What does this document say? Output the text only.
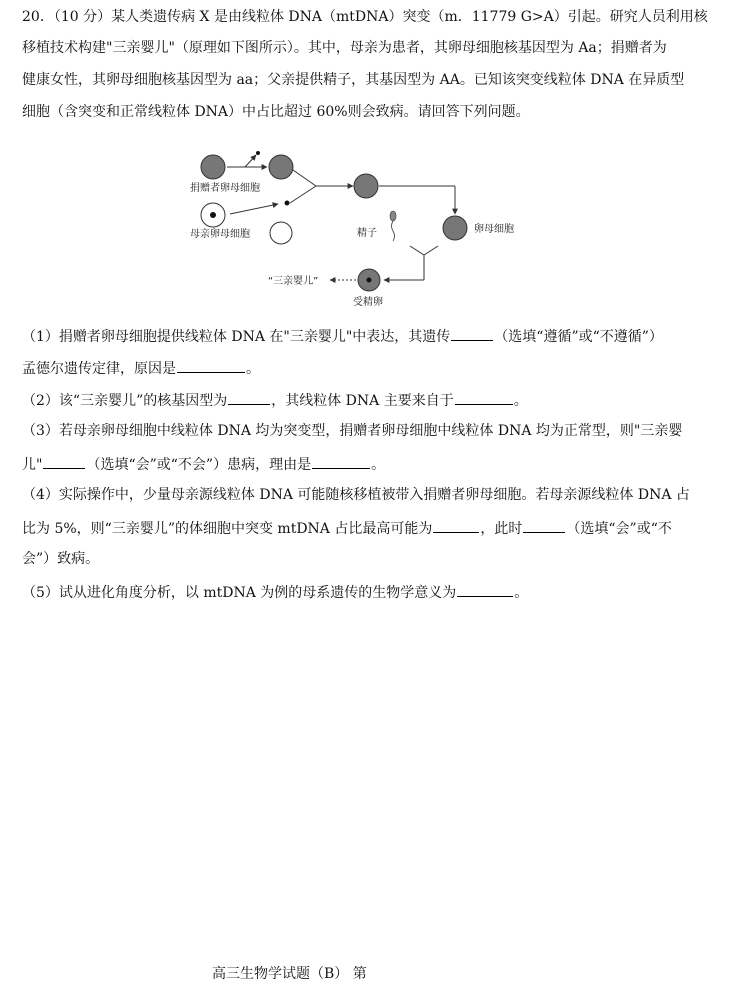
20．（10 分）某人类遗传病 X 是由线粒体 DNA（mtDNA）突变（m．11779 G>A）引起。研究人员利用核
移植技术构建"三亲婴儿"（原理如下图所示）。其中，母亲为患者，其卵母细胞核基因型为 Aa；捐赠者为
健康女性，其卵母细胞核基因型为 aa；父亲提供精子，其基因型为 AA。已知该突变线粒体 DNA 在异质型
细胞（含突变和正常线粒体 DNA）中占比超过 60%则会致病。请回答下列问题。
捐赠者卵母细胞
母亲卵母细胞	卵母细胞
精子
受精卵
“三亲婴儿”
（1）捐赠者卵母细胞提供线粒体 DNA 在"三亲婴儿"中表达，其遗传	（选填“遵循”或“不遵循”）
孟德尔遗传定律，原因是	。
（2）该“三亲婴儿”的核基因型为	，其线粒体 DNA 主要来自于	。
（3）若母亲卵母细胞中线粒体 DNA 均为突变型，捐赠者卵母细胞中线粒体 DNA 均为正常型，则"三亲婴
儿"	（选填“会”或“不会”）患病，理由是	。
（4）实际操作中，少量母亲源线粒体 DNA 可能随核移植被带入捐赠者卵母细胞。若母亲源线粒体 DNA 占
比为 5%，则“三亲婴儿”的体细胞中突变 mtDNA 占比最高可能为	，此时	（选填“会”或“不
会”）致病。
（5）试从进化角度分析，以 mtDNA 为例的母系遗传的生物学意义为	。
高三生物学试题（B） 第
